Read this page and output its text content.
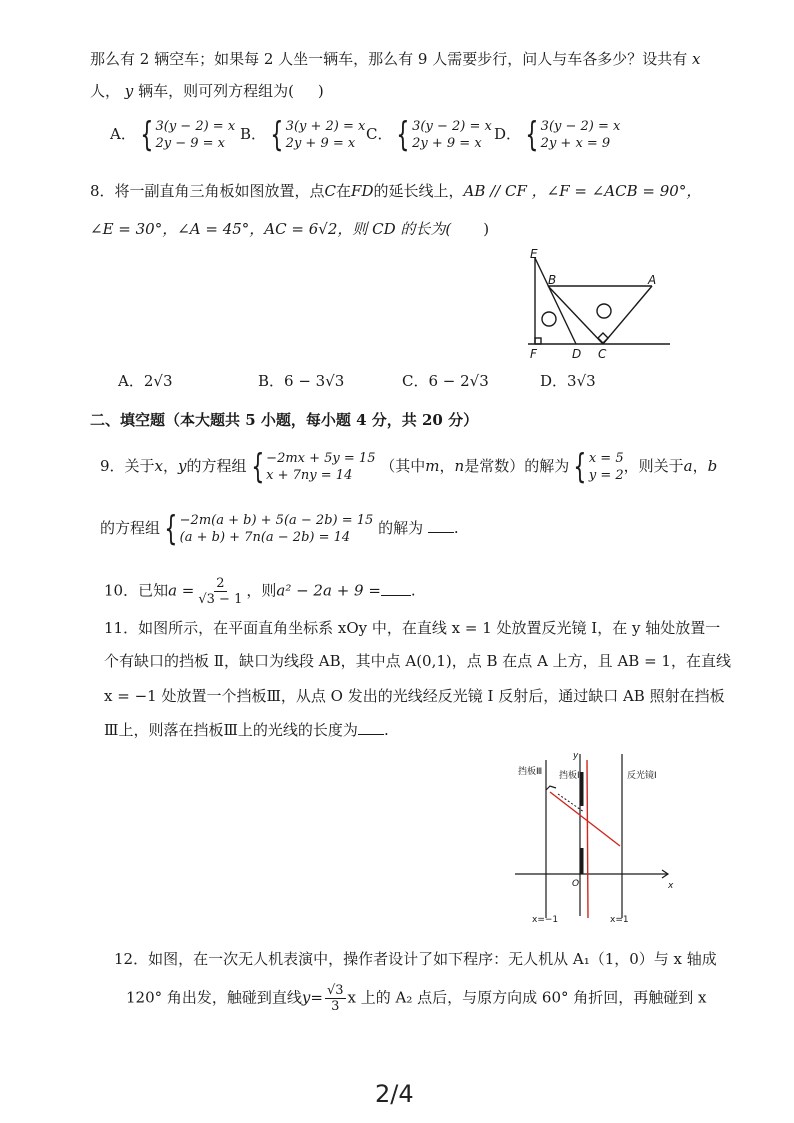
那么有 2 辆空车；如果每 2 人坐一辆车，那么有 9 人需要步行，问人与车各多少？设共有 x
人， y 辆车，则可列方程组为( )
A． { 3(y − 2) = x
2y − 9 = x
B． { 3(y + 2) = x
2y + 9 = x
C． { 3(y − 2) = x
2y + 9 = x
D． { 3(y − 2) = x
2y + x = 9
8．将一副直角三角板如图放置，点C在FD的延长线上，AB // CF ，∠F = ∠ACB = 90°，
∠E = 30°，∠A = 45°，AC = 6√2，则 CD 的长为( )
E
B	A
F	D C
A．2√3	B．6 − 3√3	C．6 − 2√3	D．3√3
二、填空题（本大题共 5 小题，每小题 4 分，共 20 分）
9．关于x，y的方程组 { −2mx + 5y = 15
x + 7ny = 14
（其中m，n是常数）的解为 { x = 5
y = 2
，则关于a，b
的方程组 { −2m(a + b) + 5(a − 2b) = 15
(a + b) + 7n(a − 2b) = 14
的解为 .
10．已知$a = \frac{2}{√3 - 1}$ ，则a² − 2a + 9 = .
11．如图所示，在平面直角坐标系 xOy 中，在直线 x = 1 处放置反光镜 Ⅰ，在 y 轴处放置一
个有缺口的挡板 Ⅱ，缺口为线段 AB，其中点 A(0,1)，点 B 在点 A 上方，且 AB = 1，在直线
x = −1 处放置一个挡板Ⅲ，从点 O 发出的光线经反光镜 Ⅰ 反射后，通过缺口 AB 照射在挡板
Ⅲ上，则落在挡板Ⅲ上的光线的长度为 .
挡板Ⅲ 挡板Ⅱ	反光镜Ⅰ
y
x
O
x=−1	x=1
12．如图，在一次无人机表演中，操作者设计了如下程序：无人机从 A₁（1，0）与 x 轴成
120° 角出发，触碰到直线$y= \frac{√3}{3}$ x 上的 A₂ 点后，与原方向成 60° 角折回，再触碰到 x
2/4
